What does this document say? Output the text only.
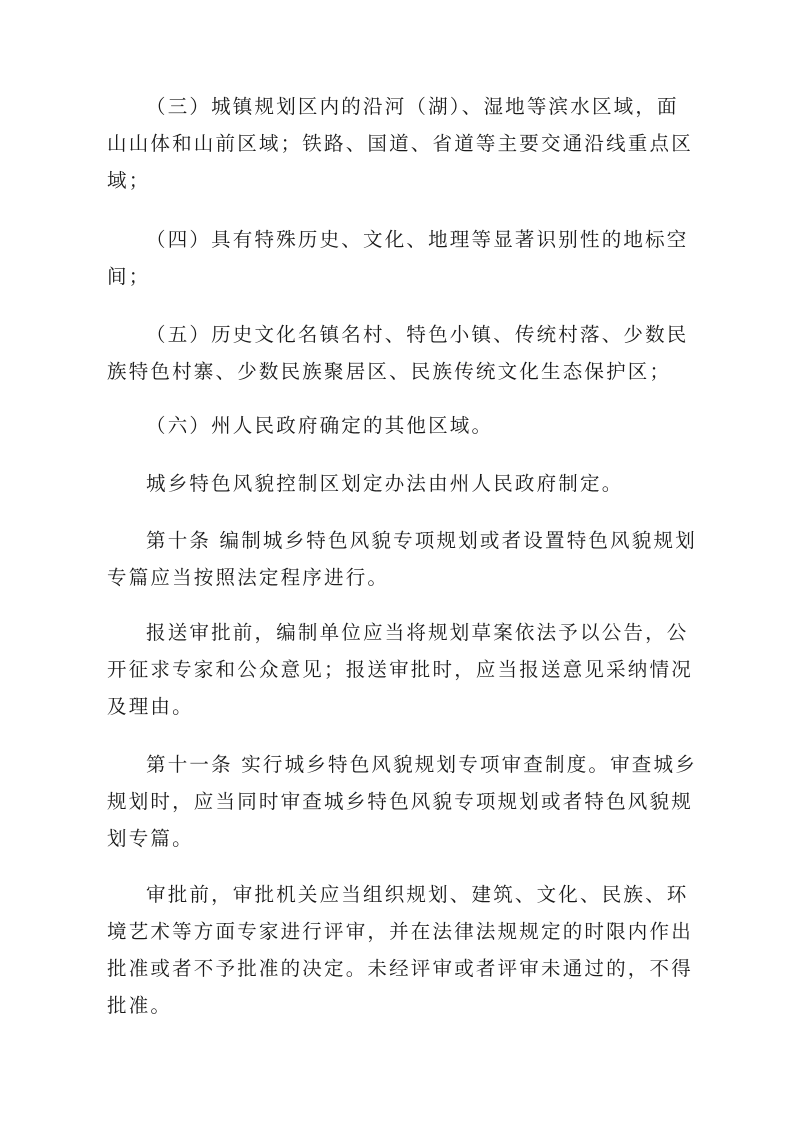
（三）城镇规划区内的沿河（湖）、湿地等滨水区域，面
山山体和山前区域；铁路、国道、省道等主要交通沿线重点区
域；
（四）具有特殊历史、文化、地理等显著识别性的地标空
间；
（五）历史文化名镇名村、特色小镇、传统村落、少数民
族特色村寨、少数民族聚居区、民族传统文化生态保护区；
（六）州人民政府确定的其他区域。
城乡特色风貌控制区划定办法由州人民政府制定。
第十条 编制城乡特色风貌专项规划或者设置特色风貌规划
专篇应当按照法定程序进行。
报送审批前，编制单位应当将规划草案依法予以公告，公
开征求专家和公众意见；报送审批时，应当报送意见采纳情况
及理由。
第十一条 实行城乡特色风貌规划专项审查制度。审查城乡
规划时，应当同时审查城乡特色风貌专项规划或者特色风貌规
划专篇。
审批前，审批机关应当组织规划、建筑、文化、民族、环
境艺术等方面专家进行评审，并在法律法规规定的时限内作出
批准或者不予批准的决定。未经评审或者评审未通过的，不得
批准。
